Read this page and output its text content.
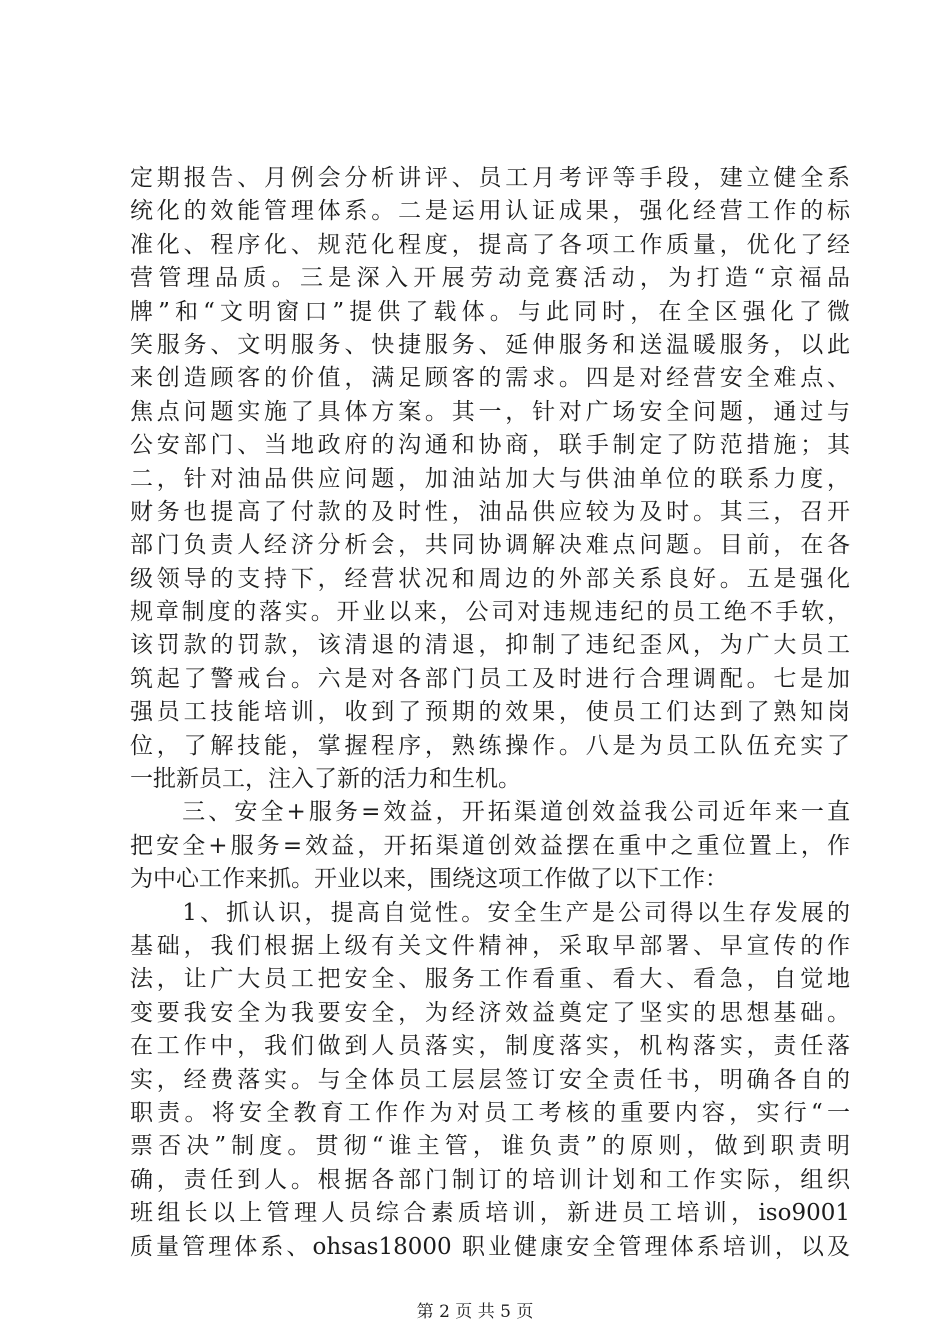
定期报告、月例会分析讲评、员工月考评等手段，建立健全系
统化的效能管理体系。二是运用认证成果，强化经营工作的标
准化、程序化、规范化程度，提高了各项工作质量，优化了经
营管理品质。三是深入开展劳动竞赛活动，为打造“京福品
牌”和“文明窗口”提供了载体。与此同时，在全区强化了微
笑服务、文明服务、快捷服务、延伸服务和送温暖服务，以此
来创造顾客的价值，满足顾客的需求。四是对经营安全难点、
焦点问题实施了具体方案。其一，针对广场安全问题，通过与
公安部门、当地政府的沟通和协商，联手制定了防范措施；其
二，针对油品供应问题，加油站加大与供油单位的联系力度，
财务也提高了付款的及时性，油品供应较为及时。其三，召开
部门负责人经济分析会，共同协调解决难点问题。目前，在各
级领导的支持下，经营状况和周边的外部关系良好。五是强化
规章制度的落实。开业以来，公司对违规违纪的员工绝不手软，
该罚款的罚款，该清退的清退，抑制了违纪歪风，为广大员工
筑起了警戒台。六是对各部门员工及时进行合理调配。七是加
强员工技能培训，收到了预期的效果，使员工们达到了熟知岗
位，了解技能，掌握程序，熟练操作。八是为员工队伍充实了
一批新员工，注入了新的活力和生机。
　　三、安全+服务=效益，开拓渠道创效益我公司近年来一直
把安全+服务=效益，开拓渠道创效益摆在重中之重位置上，作
为中心工作来抓。开业以来，围绕这项工作做了以下工作：
　　1、抓认识，提高自觉性。安全生产是公司得以生存发展的
基础，我们根据上级有关文件精神，采取早部署、早宣传的作
法，让广大员工把安全、服务工作看重、看大、看急，自觉地
变要我安全为我要安全，为经济效益奠定了坚实的思想基础。
在工作中，我们做到人员落实，制度落实，机构落实，责任落
实，经费落实。与全体员工层层签订安全责任书，明确各自的
职责。将安全教育工作作为对员工考核的重要内容，实行“一
票否决”制度。贯彻“谁主管，谁负责”的原则，做到职责明
确，责任到人。根据各部门制订的培训计划和工作实际，组织
班组长以上管理人员综合素质培训，新进员工培训，iso9001
质量管理体系、ohsas18000 职业健康安全管理体系培训，以及
第 2 页 共 5 页
